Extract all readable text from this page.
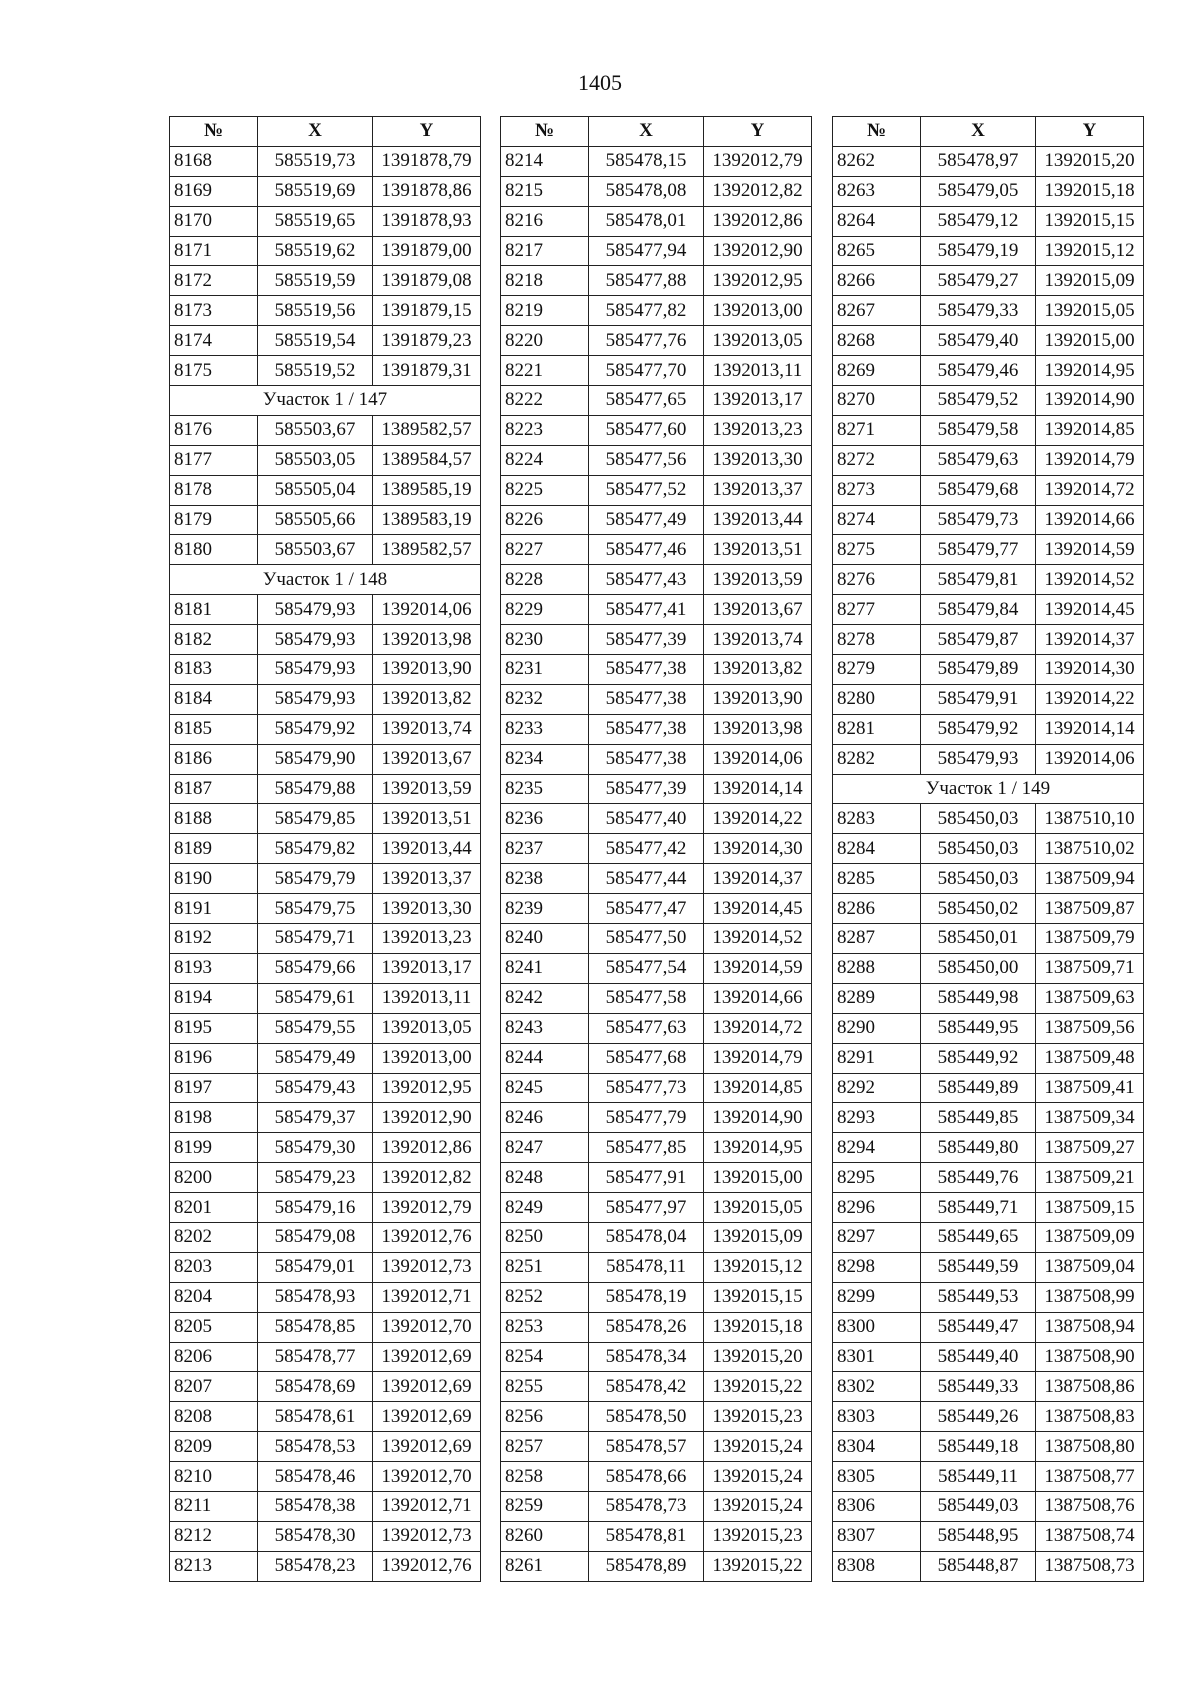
1405
№	X	Y
8168	585519,73	1391878,79
8169	585519,69	1391878,86
8170	585519,65	1391878,93
8171	585519,62	1391879,00
8172	585519,59	1391879,08
8173	585519,56	1391879,15
8174	585519,54	1391879,23
8175	585519,52	1391879,31
Участок 1 / 147		
8176	585503,67	1389582,57
8177	585503,05	1389584,57
8178	585505,04	1389585,19
8179	585505,66	1389583,19
8180	585503,67	1389582,57
Участок 1 / 148		
8181	585479,93	1392014,06
8182	585479,93	1392013,98
8183	585479,93	1392013,90
8184	585479,93	1392013,82
8185	585479,92	1392013,74
8186	585479,90	1392013,67
8187	585479,88	1392013,59
8188	585479,85	1392013,51
8189	585479,82	1392013,44
8190	585479,79	1392013,37
8191	585479,75	1392013,30
8192	585479,71	1392013,23
8193	585479,66	1392013,17
8194	585479,61	1392013,11
8195	585479,55	1392013,05
8196	585479,49	1392013,00
8197	585479,43	1392012,95
8198	585479,37	1392012,90
8199	585479,30	1392012,86
8200	585479,23	1392012,82
8201	585479,16	1392012,79
8202	585479,08	1392012,76
8203	585479,01	1392012,73
8204	585478,93	1392012,71
8205	585478,85	1392012,70
8206	585478,77	1392012,69
8207	585478,69	1392012,69
8208	585478,61	1392012,69
8209	585478,53	1392012,69
8210	585478,46	1392012,70
8211	585478,38	1392012,71
8212	585478,30	1392012,73
8213	585478,23	1392012,76
№	X	Y
8214	585478,15	1392012,79
8215	585478,08	1392012,82
8216	585478,01	1392012,86
8217	585477,94	1392012,90
8218	585477,88	1392012,95
8219	585477,82	1392013,00
8220	585477,76	1392013,05
8221	585477,70	1392013,11
8222	585477,65	1392013,17
8223	585477,60	1392013,23
8224	585477,56	1392013,30
8225	585477,52	1392013,37
8226	585477,49	1392013,44
8227	585477,46	1392013,51
8228	585477,43	1392013,59
8229	585477,41	1392013,67
8230	585477,39	1392013,74
8231	585477,38	1392013,82
8232	585477,38	1392013,90
8233	585477,38	1392013,98
8234	585477,38	1392014,06
8235	585477,39	1392014,14
8236	585477,40	1392014,22
8237	585477,42	1392014,30
8238	585477,44	1392014,37
8239	585477,47	1392014,45
8240	585477,50	1392014,52
8241	585477,54	1392014,59
8242	585477,58	1392014,66
8243	585477,63	1392014,72
8244	585477,68	1392014,79
8245	585477,73	1392014,85
8246	585477,79	1392014,90
8247	585477,85	1392014,95
8248	585477,91	1392015,00
8249	585477,97	1392015,05
8250	585478,04	1392015,09
8251	585478,11	1392015,12
8252	585478,19	1392015,15
8253	585478,26	1392015,18
8254	585478,34	1392015,20
8255	585478,42	1392015,22
8256	585478,50	1392015,23
8257	585478,57	1392015,24
8258	585478,66	1392015,24
8259	585478,73	1392015,24
8260	585478,81	1392015,23
8261	585478,89	1392015,22
№	X	Y
8262	585478,97	1392015,20
8263	585479,05	1392015,18
8264	585479,12	1392015,15
8265	585479,19	1392015,12
8266	585479,27	1392015,09
8267	585479,33	1392015,05
8268	585479,40	1392015,00
8269	585479,46	1392014,95
8270	585479,52	1392014,90
8271	585479,58	1392014,85
8272	585479,63	1392014,79
8273	585479,68	1392014,72
8274	585479,73	1392014,66
8275	585479,77	1392014,59
8276	585479,81	1392014,52
8277	585479,84	1392014,45
8278	585479,87	1392014,37
8279	585479,89	1392014,30
8280	585479,91	1392014,22
8281	585479,92	1392014,14
8282	585479,93	1392014,06
Участок 1 / 149		
8283	585450,03	1387510,10
8284	585450,03	1387510,02
8285	585450,03	1387509,94
8286	585450,02	1387509,87
8287	585450,01	1387509,79
8288	585450,00	1387509,71
8289	585449,98	1387509,63
8290	585449,95	1387509,56
8291	585449,92	1387509,48
8292	585449,89	1387509,41
8293	585449,85	1387509,34
8294	585449,80	1387509,27
8295	585449,76	1387509,21
8296	585449,71	1387509,15
8297	585449,65	1387509,09
8298	585449,59	1387509,04
8299	585449,53	1387508,99
8300	585449,47	1387508,94
8301	585449,40	1387508,90
8302	585449,33	1387508,86
8303	585449,26	1387508,83
8304	585449,18	1387508,80
8305	585449,11	1387508,77
8306	585449,03	1387508,76
8307	585448,95	1387508,74
8308	585448,87	1387508,73
